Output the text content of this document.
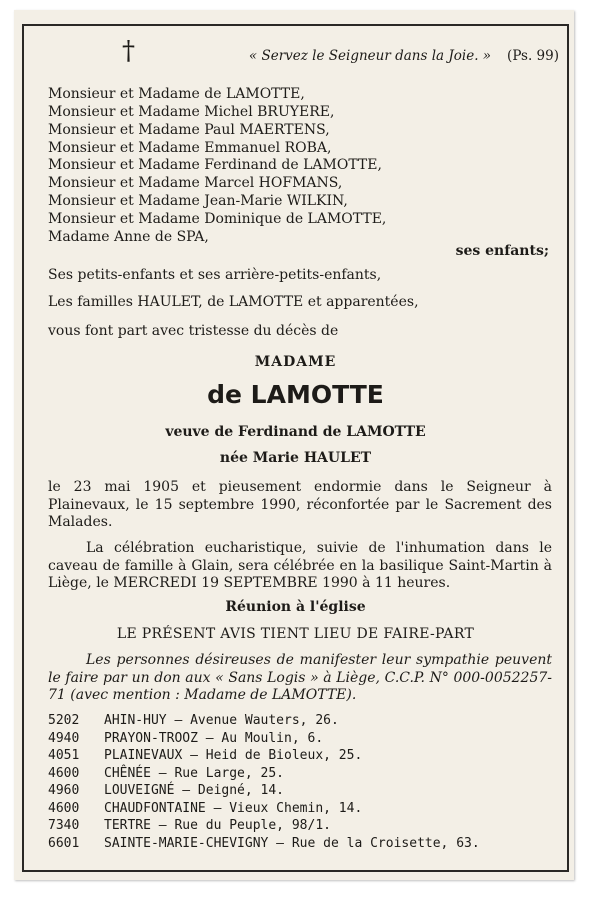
†	« Servez le Seigneur dans la Joie. » (Ps. 99)
Monsieur et Madame de LAMOTTE,
Monsieur et Madame Michel BRUYERE,
Monsieur et Madame Paul MAERTENS,
Monsieur et Madame Emmanuel ROBA,
Monsieur et Madame Ferdinand de LAMOTTE,
Monsieur et Madame Marcel HOFMANS,
Monsieur et Madame Jean-Marie WILKIN,
Monsieur et Madame Dominique de LAMOTTE,
Madame Anne de SPA,
ses enfants;
Ses petits-enfants et ses arrière-petits-enfants,
Les familles HAULET, de LAMOTTE et apparentées,
vous font part avec tristesse du décès de
MADAME
de LAMOTTE
veuve de Ferdinand de LAMOTTE
née Marie HAULET
le 23 mai 1905 et pieusement endormie dans le Seigneur à Plainevaux, le 15 septembre 1990, réconfortée par le Sacrement des Malades.
La célébration eucharistique, suivie de l'inhumation dans le caveau de famille à Glain, sera célébrée en la basilique Saint-Martin à Liège, le MERCREDI 19 SEPTEMBRE 1990 à 11 heures.
Réunion à l'église
LE PRÉSENT AVIS TIENT LIEU DE FAIRE-PART
Les personnes désireuses de manifester leur sympathie peuvent le faire par un don aux « Sans Logis » à Liège, C.C.P. N° 000-0052257-71 (avec mention : Madame de LAMOTTE).
5202 AHIN-HUY – Avenue Wauters, 26.
4940 PRAYON-TROOZ – Au Moulin, 6.
4051 PLAINEVAUX – Heid de Bioleux, 25.
4600 CHÊNÉE – Rue Large, 25.
4960 LOUVEIGNÉ – Deigné, 14.
4600 CHAUDFONTAINE – Vieux Chemin, 14.
7340 TERTRE – Rue du Peuple, 98/1.
6601 SAINTE-MARIE-CHEVIGNY – Rue de la Croisette, 63.
